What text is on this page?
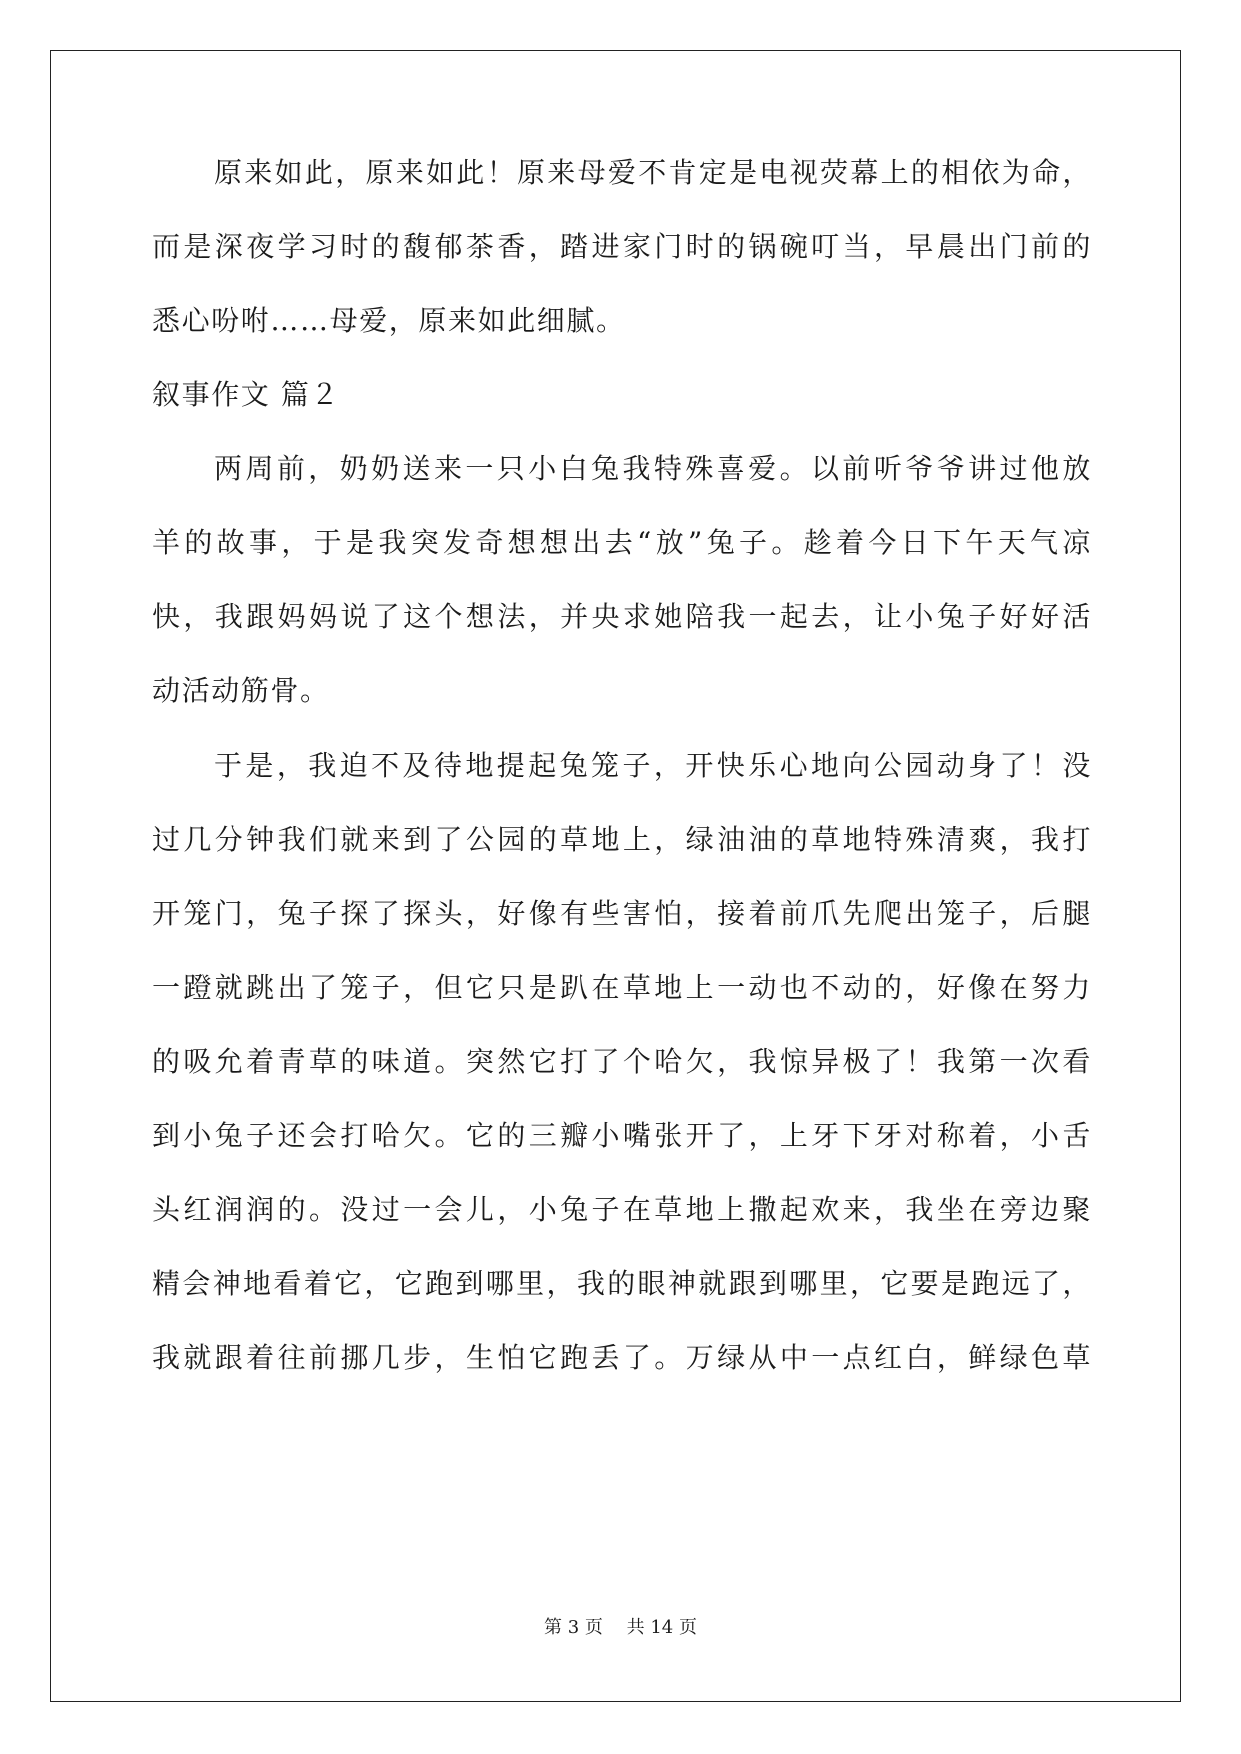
原来如此，原来如此！原来母爱不肯定是电视荧幕上的相依为命，
而是深夜学习时的馥郁茶香，踏进家门时的锅碗叮当，早晨出门前的
悉心吩咐……母爱，原来如此细腻。
叙事作文 篇２
两周前，奶奶送来一只小白兔我特殊喜爱。以前听爷爷讲过他放
羊的故事，于是我突发奇想想出去“放”兔子。趁着今日下午天气凉
快，我跟妈妈说了这个想法，并央求她陪我一起去，让小兔子好好活
动活动筋骨。
于是，我迫不及待地提起兔笼子，开快乐心地向公园动身了！没
过几分钟我们就来到了公园的草地上，绿油油的草地特殊清爽，我打
开笼门，兔子探了探头，好像有些害怕，接着前爪先爬出笼子，后腿
一蹬就跳出了笼子，但它只是趴在草地上一动也不动的，好像在努力
的吸允着青草的味道。突然它打了个哈欠，我惊异极了！我第一次看
到小兔子还会打哈欠。它的三瓣小嘴张开了，上牙下牙对称着，小舌
头红润润的。没过一会儿，小兔子在草地上撒起欢来，我坐在旁边聚
精会神地看着它，它跑到哪里，我的眼神就跟到哪里，它要是跑远了，
我就跟着往前挪几步，生怕它跑丢了。万绿从中一点红白，鲜绿色草
第 3 页　 共 14 页
